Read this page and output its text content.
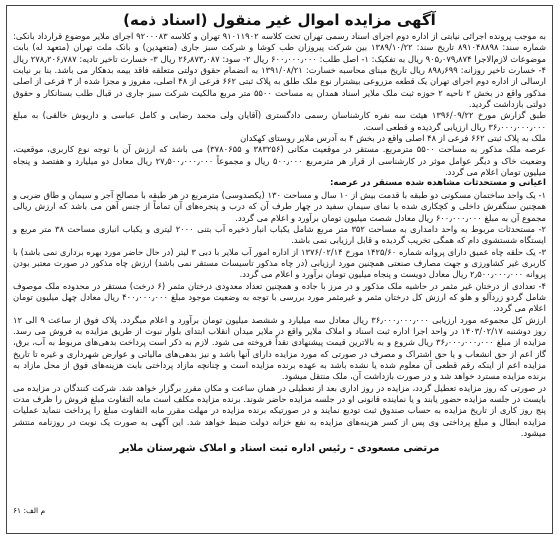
آگهی مزایده اموال غیر منقول (اسناد ذمه)

به موجب پرونده اجرائی نیابتی از اداره دوم اجرای اسناد رسمی تهران تحت کلاسه ۹۱۰۱۱۹۰۲ تهران و کلاسه ۹۲۰۰۰۸۳ اجرای ملایر موضوع قرارداد بانکی: شماره سند: ۸۹۱۰۴۸۸۹۸ تاریخ سند: ۱۳۸۹/۱۰/۲۲ بین شرکت پیروزان طب کوشا و شرکت سبز جاری (متعهدین) و بانک ملت تهران (متعهد له) بابت موضوعات لازم‌الاجرا ۹۰۵٫۰۷۹٫۸۷۴ ریال به تفکیک: ۱- اصل طلب: ۶۰۰٫۰۰۰٫۰۰۰ ریال ۲- سود: ۲۶٫۸۷۳٫۰۸۷ ریال ۳- خسارت تاخیر تادیه: ۲۷۸٫۲۰۶٫۷۸۷ ریال ۴- خسارت تاخیر روزانه: ۸۹۸٫۶۹۹ ریال تاریخ مبنای محاسبه خسارت: ۱۳۹۱/۰۸/۲۱ به انضمام حقوق دولتی متعلقه فاقد بیمه بدهکار می باشد. بنا بر نیابت ارسالی از اداره دوم اجرای تهران یک قطعه مزروعی بیشترار نوع ملک طلق به پلاک ثبتی ۶۶۲ فرعی از ۴۸ اصلی، مفروز و مجزا شده از ۳ فرعی از اصلی مذکور واقع در بخش ۲ ناحیه ۲ حوزه ثبت ملک ملایر اسناد همدان به مساحت ۵۵۰۰ متر مربع مالکیت شرکت سبز جاری در قبال طلب بستانکار و حقوق دولتی بازداشت گردید.

طبق گزارش مورخ ۱۳۹۶/۰۹/۲۲ هیئت سه نفره کارشناسان رسمی دادگستری (آقایان ولی محمد رضایی و کامل عباسی و داریوش خالقی) به مبلغ ۳۶٫۰۰۰٫۰۰۰٫۰۰۰ ریال ارزیابی گردیده و قطعی است.

ملک به پلاک ثبتی ۶۶۲ فرعی از ۴۸ اصلی واقع در بخش ۴ به آدرس ملایر روستای کهکدان

عرصه ملک مذکور به مساحت ۵۵۰۰ مترمربع. مستقر در موقعیت مکانی (۳۸۳۲۵۶ و ۳۷۸۰۶۵۵) می باشد که ارزش آن با توجه نوع کاربری، موقعیت، وضعیت خاک و دیگر عوامل موثر در کارشناسی از قرار هر مترمربع ۵۰۰٫۰۰۰ ریال و مجموعاً ۲۷٫۵۰۰٫۰۰۰٫۰۰۰ ریال معادل دو میلیارد و هفتصد و پنجاه میلیون تومان اعلام می گردد.

اعیانی و مستحدثات مشاهده شده مستقر در عرصه:

۱- یک واحد ساختمان مسکونی دو طبقه با قدمت بیش از ۱۰ سال و مساحت ۱۳۰ (یکصدوسی) مترمربع در هر طبقه با مصالح آجر و سیمان و طاق ضربی و همچنین سنگفرش داخلی و کچکاری شده با نمای سیمان سفید در چهار طرف آن که درب و پنجره‌های آن تماماً از جنس آهن می باشد که ارزش ریالی مجموع آن به مبلغ ۶۰۰٫۰۰۰٫۰۰۰ ریال معادل شصت میلیون تومان برآورد و اعلام می گردد.

۲- مستحدثات مربوط به واحد دامداری به مساحت ۳۵۲ متر مربع شامل یکباب انبار ذخیره آب بتنی ۲۰۰۰ لیتری و یکباب انباری مساحت ۳۸ متر مربع و ایستگاه شستشوی دام که همگی تخریب گردیده و قابل ارزیابی نمی باشد.

۳- یک حلقه چاه عمیق دارای پروانه شماره ۱۴۲۵/۶۰ مورخ ۱۳۷۶/۰۲/۱۴ از اداره امور آب ملایر با دبی ۳ لیتر (در حال حاضر مورد بهره برداری نمی باشد) با کاربری غیر کشاورزی و جهت مصارف صنعتی همچنین مورد ارزیابی (در چاه مذکور تاسیسات مستقر نمی باشد) ارزش چاه مذکور در صورت معتبر بودن پروانه ۲٫۵۰۰٫۰۰۰٫۰۰۰ ریال معادل دویست و پنجاه میلیون تومان برآورد و اعلام می گردد.

۴- تعدادی از درختان غیر مثمر در حاشیه ملک مذکور و در مرز با جاده و همچنین تعداد معدودی درختان مثمر (۶ درخت) مستقر در محدوده ملک موصوف شامل گردو زردآلو و هلو که ارزش کل درختان مثمر و غیرمثمر مورد بررسی با توجه به وضعیت موجود مبلغ ۴۰۰٫۰۰۰٫۰۰۰ ریال معادل چهل میلیون تومان اعلام می گردد.

ارزش کل مجموعه مورد ارزیابی ۳۶٫۰۰۰٫۰۰۰٫۰۰۰ ریال معادل سه میلیارد و ششصد میلیون تومان برآورد و اعلام میگردد. پلاک فوق از ساعت ۹ الی ۱۲ روز دوشنبه ۱۴۰۳/۰۲/۱۷ در واحد اجرا اداره ثبت اسناد و املاک ملایر واقع در ملایر میدان انقلاب ابتدای بلوار نبوت از طریق مزایده به فروش می رسد. مزایده از مبلغ ۳۶٫۰۰۰٫۰۰۰٫۰۰۰ ریال شروع و به بالاترین قیمت پیشنهادی نقداً فروخته می شود. لازم به ذکر است پرداخت بدهی‌های مربوط به آب، برق، گاز اعم از حق انشعاب و یا حق اشتراک و مصرف در صورتی که مورد مزایده دارای آنها باشد و نیز بدهی‌های مالیاتی و عوارض شهرداری و غیره تا تاریخ مزایده اعم از اینکه رقم قطعی آن معلوم شده یا نشده باشد به عهده برنده مزایده است و چنانچه مازاد پرداختی بابت هزینه‌های فوق از محل مازاد به برنده مزایده مسترد خواهد شد و در صورت بازداشت آن، ملک منتقل میشود.

در صورتی که روز مزایده تعطیل گردد، مزایده در روز اداری بعد از تعطیلی در همان ساعت و مکان مقرر برگزار خواهد شد. شرکت کنندگان در مزایده می بایست در جلسه مزایده حضور یابند و یا نماینده قانونی او در جلسه مزایده حاضر شوند. برنده مزایده مکلف است مابه التفاوت مبلغ فروش را ظرف مدت پنج روز کاری از تاریخ مزایده به حساب صندوق ثبت تودیع نمایند و در صورتیکه برنده مزایده در مهلت مقرر مابه التفاوت مبلغ را پرداخت ننماید عملیات مزایده ابطال و مبلغ پرداختی وی پس از کسر هزینه‌های مزایده به نفع خزانه دولت ضبط خواهد شد. این آگهی به صورت یک نوبت در روزنامه منتشر میشود.

مرتضی مسعودی - رئیس اداره ثبت اسناد و املاک شهرستان ملایر
م الف: ۶۱
